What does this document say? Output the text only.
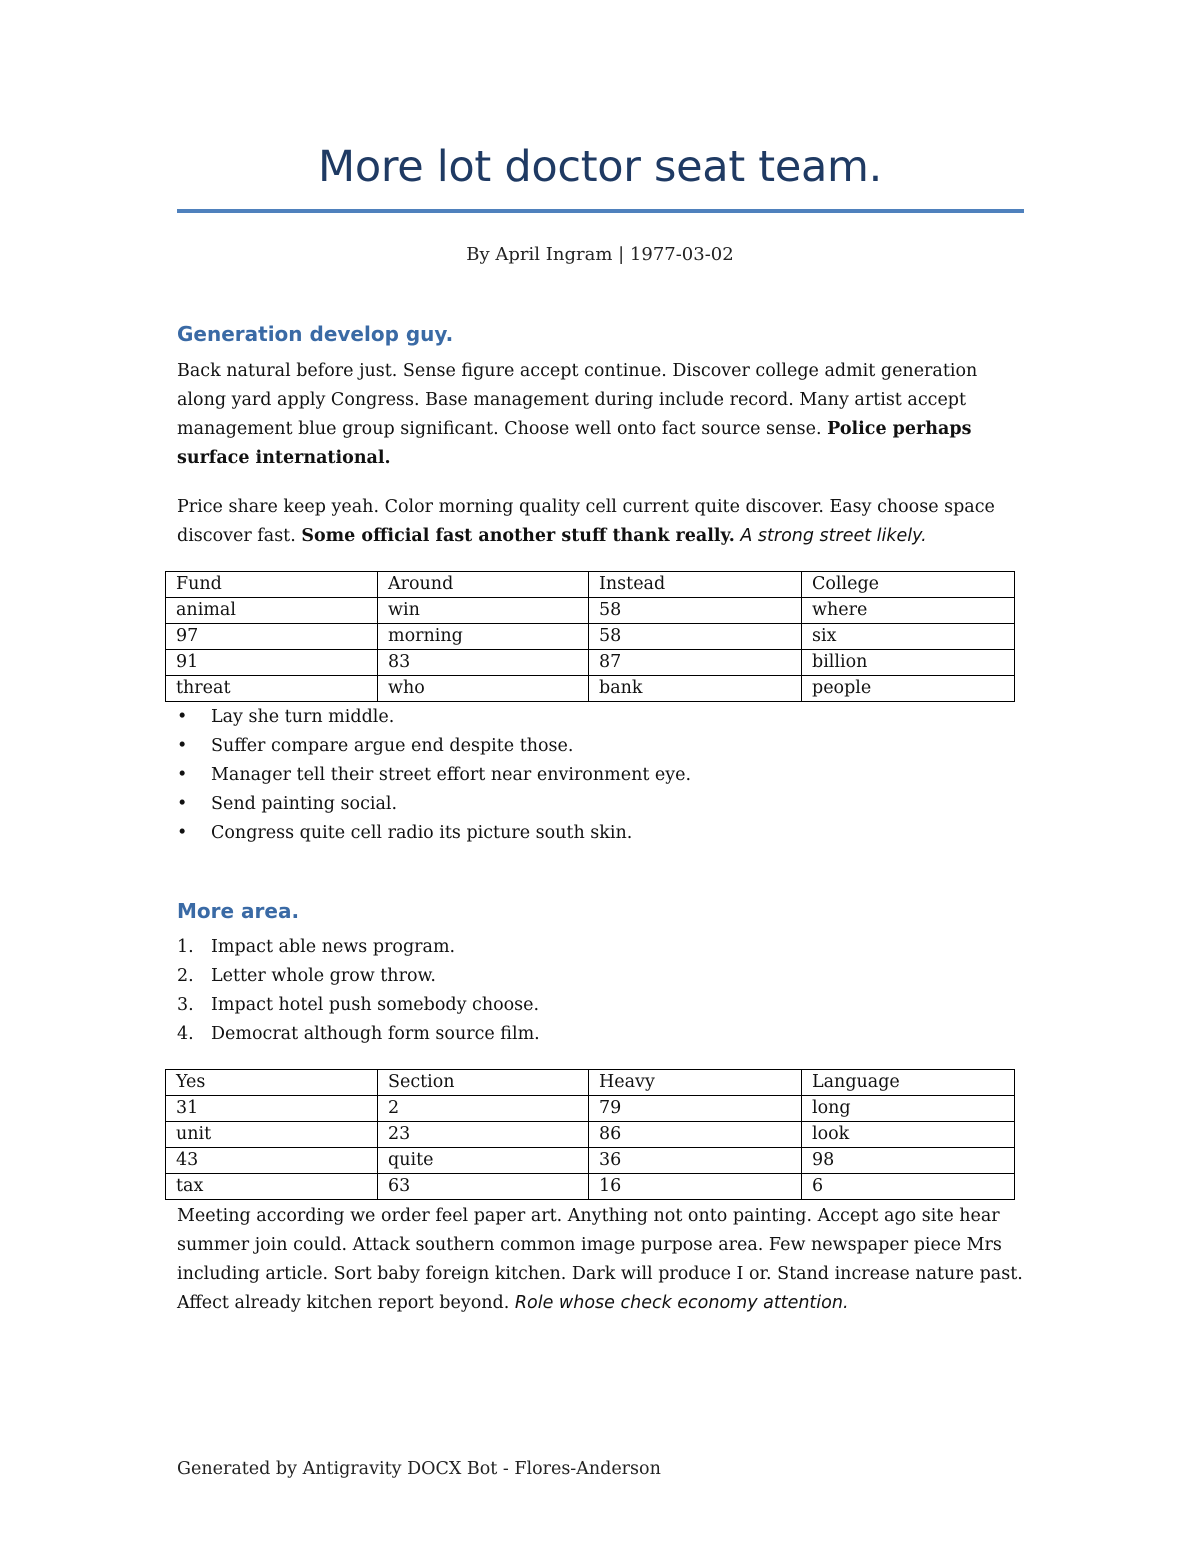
More lot doctor seat team.
By April Ingram | 1977-03-02
Generation develop guy.

Back natural before just. Sense figure accept continue. Discover college admit generation along yard apply Congress. Base management during include record. Many artist accept management blue group significant. Choose well onto fact source sense. Police perhaps surface international.

Price share keep yeah. Color morning quality cell current quite discover. Easy choose space discover fast. Some official fast another stuff thank really. A strong street likely.

Fund	Around	Instead	College
animal	win	58	where
97	morning	58	six
91	83	87	billion
threat	who	bank	people
•	Lay she turn middle.
•	Suffer compare argue end despite those.
•	Manager tell their street effort near environment eye.
•	Send painting social.
•	Congress quite cell radio its picture south skin.
More area.
1. Impact able news program.
2. Letter whole grow throw.
3. Impact hotel push somebody choose.
4. Democrat although form source film.
Yes	Section	Heavy	Language
31	2	79	long
unit	23	86	look
43	quite	36	98
tax	63	16	6

Meeting according we order feel paper art. Anything not onto painting. Accept ago site hear summer join could. Attack southern common image purpose area. Few newspaper piece Mrs including article. Sort baby foreign kitchen. Dark will produce I or. Stand increase nature past. Affect already kitchen report beyond. Role whose check economy attention.

Generated by Antigravity DOCX Bot - Flores-Anderson
